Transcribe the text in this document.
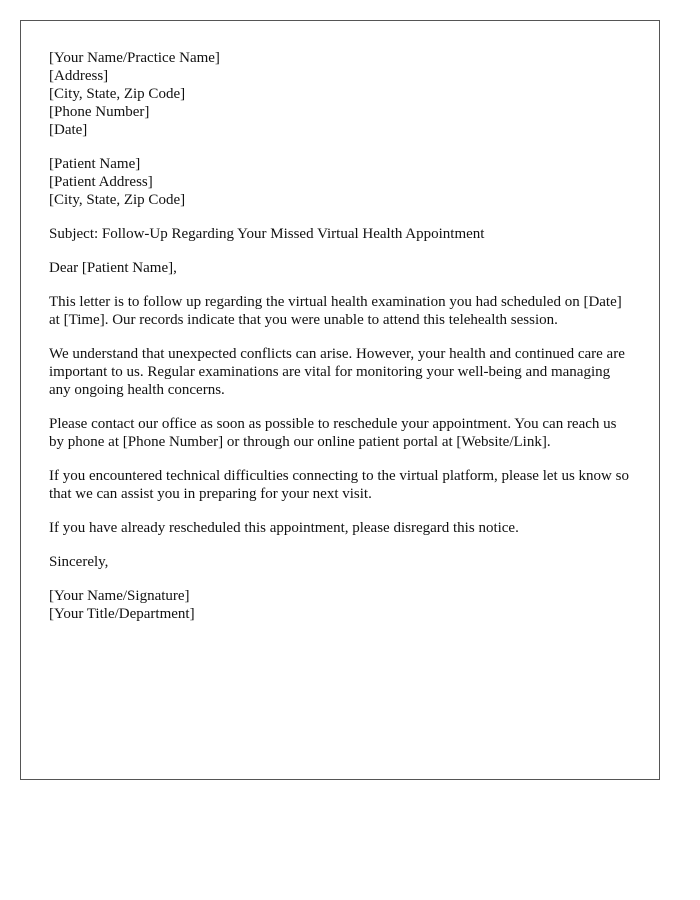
[Your Name/Practice Name]
[Address]
[City, State, Zip Code]
[Phone Number]
[Date]
[Patient Name]
[Patient Address]
[City, State, Zip Code]

Subject: Follow-Up Regarding Your Missed Virtual Health Appointment

Dear [Patient Name],

This letter is to follow up regarding the virtual health examination you had scheduled on [Date] at [Time]. Our records indicate that you were unable to attend this telehealth session.

We understand that unexpected conflicts can arise. However, your health and continued care are important to us. Regular examinations are vital for monitoring your well-being and managing any ongoing health concerns.

Please contact our office as soon as possible to reschedule your appointment. You can reach us by phone at [Phone Number] or through our online patient portal at [Website/Link].

If you encountered technical difficulties connecting to the virtual platform, please let us know so that we can assist you in preparing for your next visit.

If you have already rescheduled this appointment, please disregard this notice.

Sincerely,

[Your Name/Signature]
[Your Title/Department]
